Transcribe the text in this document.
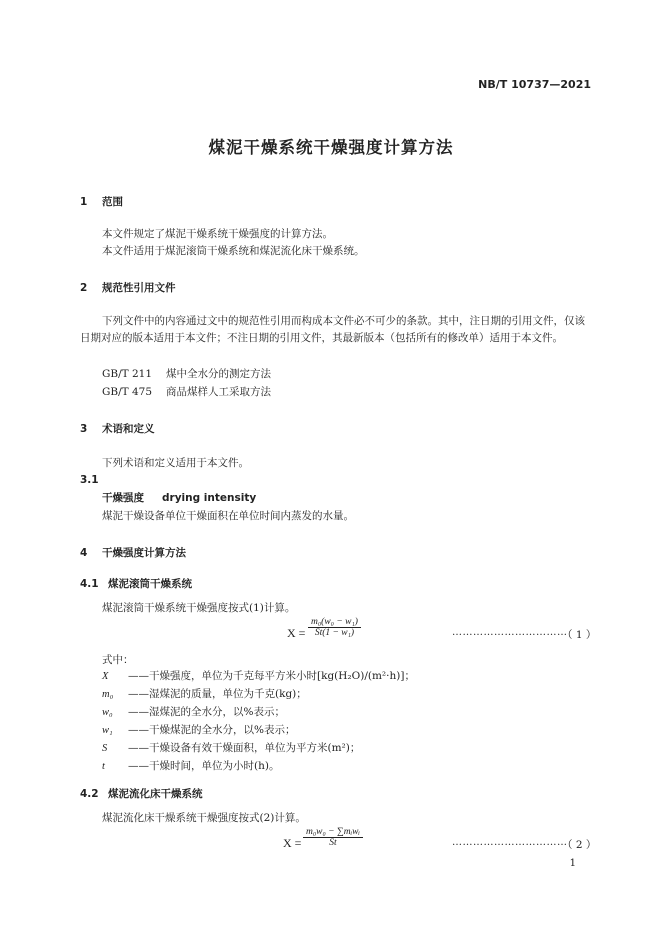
NB/T 10737—2021
煤泥干燥系统干燥强度计算方法
1 范围
本文件规定了煤泥干燥系统干燥强度的计算方法。
本文件适用于煤泥滚筒干燥系统和煤泥流化床干燥系统。
2 规范性引用文件
下列文件中的内容通过文中的规范性引用而构成本文件必不可少的条款。其中，注日期的引用文件，仅该日期对应的版本适用于本文件；不注日期的引用文件，其最新版本（包括所有的修改单）适用于本文件。
GB/T 211 煤中全水分的测定方法
GB/T 475 商品煤样人工采取方法
3 术语和定义
下列术语和定义适用于本文件。
3.1
干燥强度 drying intensity
煤泥干燥设备单位干燥面积在单位时间内蒸发的水量。
4 干燥强度计算方法
4.1 煤泥滚筒干燥系统
煤泥滚筒干燥系统干燥强度按式(1)计算。
$X = \frac{\text{m₀(w₀ − w₁)}}{\text{St(1 − w₁)}}$	……………………………
（ 1 ）
式中：
X ——干燥强度，单位为千克每平方米小时[kg(H₂O)/(m²·h)]；
m₀ ——湿煤泥的质量，单位为千克(kg)；
w₀ ——湿煤泥的全水分，以%表示；
w₁ ——干燥煤泥的全水分，以%表示；
S ——干燥设备有效干燥面积，单位为平方米(m²)；
t ——干燥时间，单位为小时(h)。
4.2 煤泥流化床干燥系统
煤泥流化床干燥系统干燥强度按式(2)计算。
X =
m₀w₀ − ∑mᵢwᵢ
St	……………………………
（ 2 ）
1
